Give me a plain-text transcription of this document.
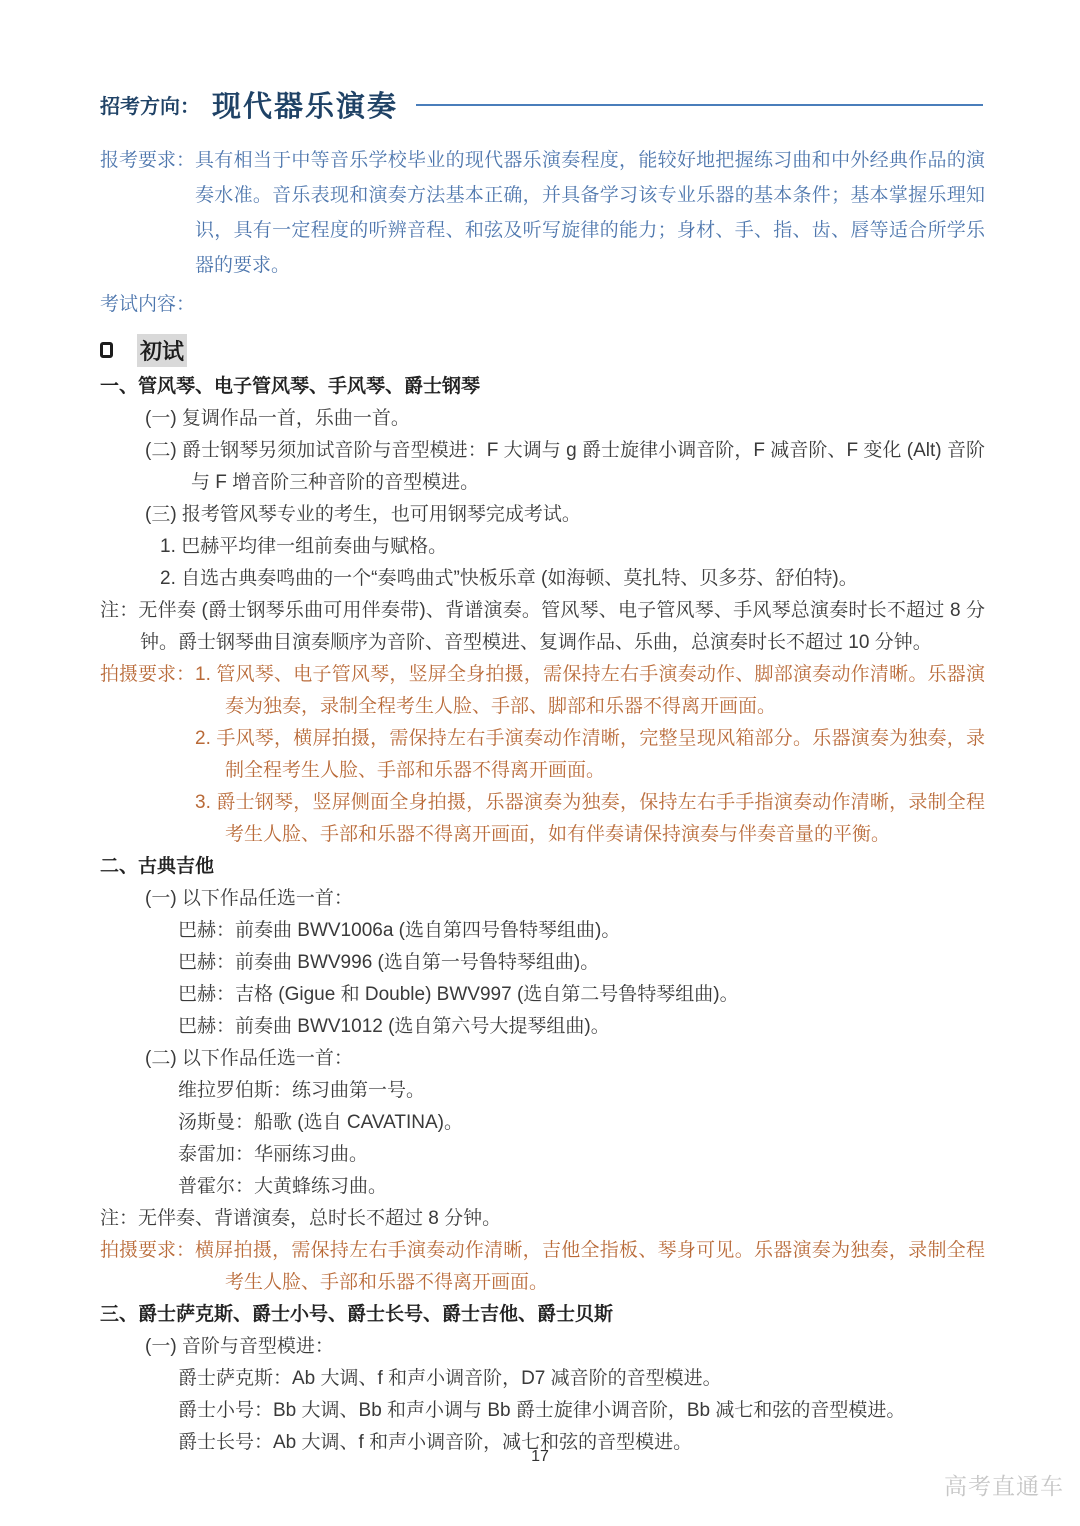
招考方向： 现代器乐演奏
报考要求： 具有相当于中等音乐学校毕业的现代器乐演奏程度，能较好地把握练习曲和中外经典作品的演奏水准。音乐表现和演奏方法基本正确，并具备学习该专业乐器的基本条件；基本掌握乐理知识，具有一定程度的听辨音程、和弦及听写旋律的能力；身材、手、指、齿、唇等适合所学乐器的要求。
考试内容：
初试
一、管风琴、电子管风琴、手风琴、爵士钢琴
(一) 复调作品一首，乐曲一首。
(二) 爵士钢琴另须加试音阶与音型模进：F 大调与 g 爵士旋律小调音阶，F 减音阶、F 变化 (Alt) 音阶与 F 增音阶三种音阶的音型模进。
(三) 报考管风琴专业的考生，也可用钢琴完成考试。
1. 巴赫平均律一组前奏曲与赋格。
2. 自选古典奏鸣曲的一个“奏鸣曲式”快板乐章 (如海顿、莫扎特、贝多芬、舒伯特)。
注：无伴奏 (爵士钢琴乐曲可用伴奏带)、背谱演奏。管风琴、电子管风琴、手风琴总演奏时长不超过 8 分钟。爵士钢琴曲目演奏顺序为音阶、音型模进、复调作品、乐曲，总演奏时长不超过 10 分钟。
拍摄要求： 1. 管风琴、电子管风琴，竖屏全身拍摄，需保持左右手演奏动作、脚部演奏动作清晰。乐器演奏为独奏，录制全程考生人脸、手部、脚部和乐器不得离开画面。
2. 手风琴，横屏拍摄，需保持左右手演奏动作清晰，完整呈现风箱部分。乐器演奏为独奏，录制全程考生人脸、手部和乐器不得离开画面。
3. 爵士钢琴，竖屏侧面全身拍摄，乐器演奏为独奏，保持左右手手指演奏动作清晰，录制全程考生人脸、手部和乐器不得离开画面，如有伴奏请保持演奏与伴奏音量的平衡。
二、古典吉他
(一) 以下作品任选一首：
巴赫：前奏曲 BWV1006a (选自第四号鲁特琴组曲)。
巴赫：前奏曲 BWV996 (选自第一号鲁特琴组曲)。
巴赫：吉格 (Gigue 和 Double) BWV997 (选自第二号鲁特琴组曲)。
巴赫：前奏曲 BWV1012 (选自第六号大提琴组曲)。
(二) 以下作品任选一首：
维拉罗伯斯：练习曲第一号。
汤斯曼：船歌 (选自 CAVATINA)。
泰雷加：华丽练习曲。
普霍尔：大黄蜂练习曲。
注：无伴奏、背谱演奏，总时长不超过 8 分钟。
拍摄要求： 横屏拍摄，需保持左右手演奏动作清晰，吉他全指板、琴身可见。乐器演奏为独奏，录制全程考生人脸、手部和乐器不得离开画面。
三、爵士萨克斯、爵士小号、爵士长号、爵士吉他、爵士贝斯
(一) 音阶与音型模进：
爵士萨克斯：Ab 大调、f 和声小调音阶，D7 减音阶的音型模进。
爵士小号：Bb 大调、Bb 和声小调与 Bb 爵士旋律小调音阶，Bb 减七和弦的音型模进。
爵士长号：Ab 大调、f 和声小调音阶，减七和弦的音型模进。
17
高考直通车
